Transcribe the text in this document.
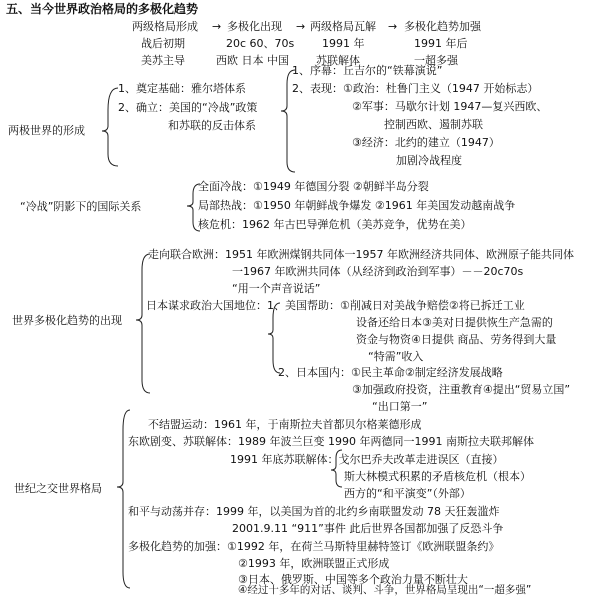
五、当今世界政治格局的多极化趋势
两级格局形成 → 多极化出现 → 两级格局瓦解 → 多极化趋势加强
战后初期	20c 60、70s	1991 年	1991 年后
美苏主导	西欧 日本 中国 苏联解体	一超多强
两极世界的形成
1、奠定基础：雅尔塔体系
2、确立：美国的“冷战”政策
和苏联的反击体系
1、序幕：丘吉尔的“铁幕演说”
2、表现：①政治：杜鲁门主义（1947 开始标志）
②军事：马歇尔计划 1947—复兴西欧、
控制西欧、遏制苏联
③经济：北约的建立（1947）
加剧冷战程度
“冷战”阴影下的国际关系
全面冷战：①1949 年德国分裂 ②朝鲜半岛分裂
局部热战：①1950 年朝鲜战争爆发 ②1961 年美国发动越南战争
核危机：1962 年古巴导弹危机（美苏竞争，优势在美）
世界多极化趋势的出现
走向联合欧洲：1951 年欧洲煤钢共同体一1957 年欧洲经济共同体、欧洲原子能共同体
一1967 年欧洲共同体（从经济到政治到军事）－－20c70s
“用一个声音说话”
日本谋求政治大国地位：1、美国帮助：①削减日对美战争赔偿②将已拆迁工业
设备还给日本③美对日提供恢生产急需的
资金与物资④日提供 商品、劳务得到大量
“特需”收入
2、日本国内：①民主革命②制定经济发展战略
③加强政府投资，注重教育④提出“贸易立国”
“出口第一”
不结盟运动：1961 年，于南斯拉夫首都贝尔格莱德形成
世纪之交世界格局
东欧剧变、苏联解体：1989 年波兰巨变 1990 年两德同一1991 南斯拉夫联邦解体
1991 年底苏联解体：戈尔巴乔夫改革走进误区（直接）
斯大林模式积累的矛盾核危机（根本）
西方的“和平演变”（外部）
和平与动荡并存：1999 年，以美国为首的北约乡南联盟发动 78 天狂轰滥炸
2001.9.11 “911”事件 此后世界各国都加强了反恐斗争
多极化趋势的加强：①1992 年，在荷兰马斯特里赫特签订《欧洲联盟条约》
②1993 年，欧洲联盟正式形成
③日本、俄罗斯、中国等多个政治力量不断壮大
④经过十多年的对话、谈判、斗争，世界格局呈现出“一超多强”
